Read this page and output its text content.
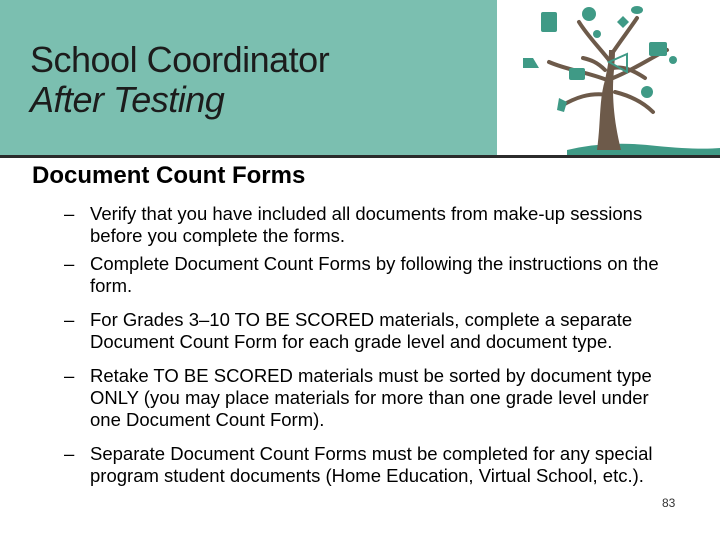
School Coordinator
After Testing
Document Count Forms
– Verify that you have included all documents from make-up sessions before you complete the forms.
– Complete Document Count Forms by following the instructions on the form.
– For Grades 3–10 TO BE SCORED materials, complete a separate Document Count Form for each grade level and document type.
– Retake TO BE SCORED materials must be sorted by document type ONLY (you may place materials for more than one grade level under one Document Count Form).
– Separate Document Count Forms must be completed for any special program student documents (Home Education, Virtual School, etc.).
83
